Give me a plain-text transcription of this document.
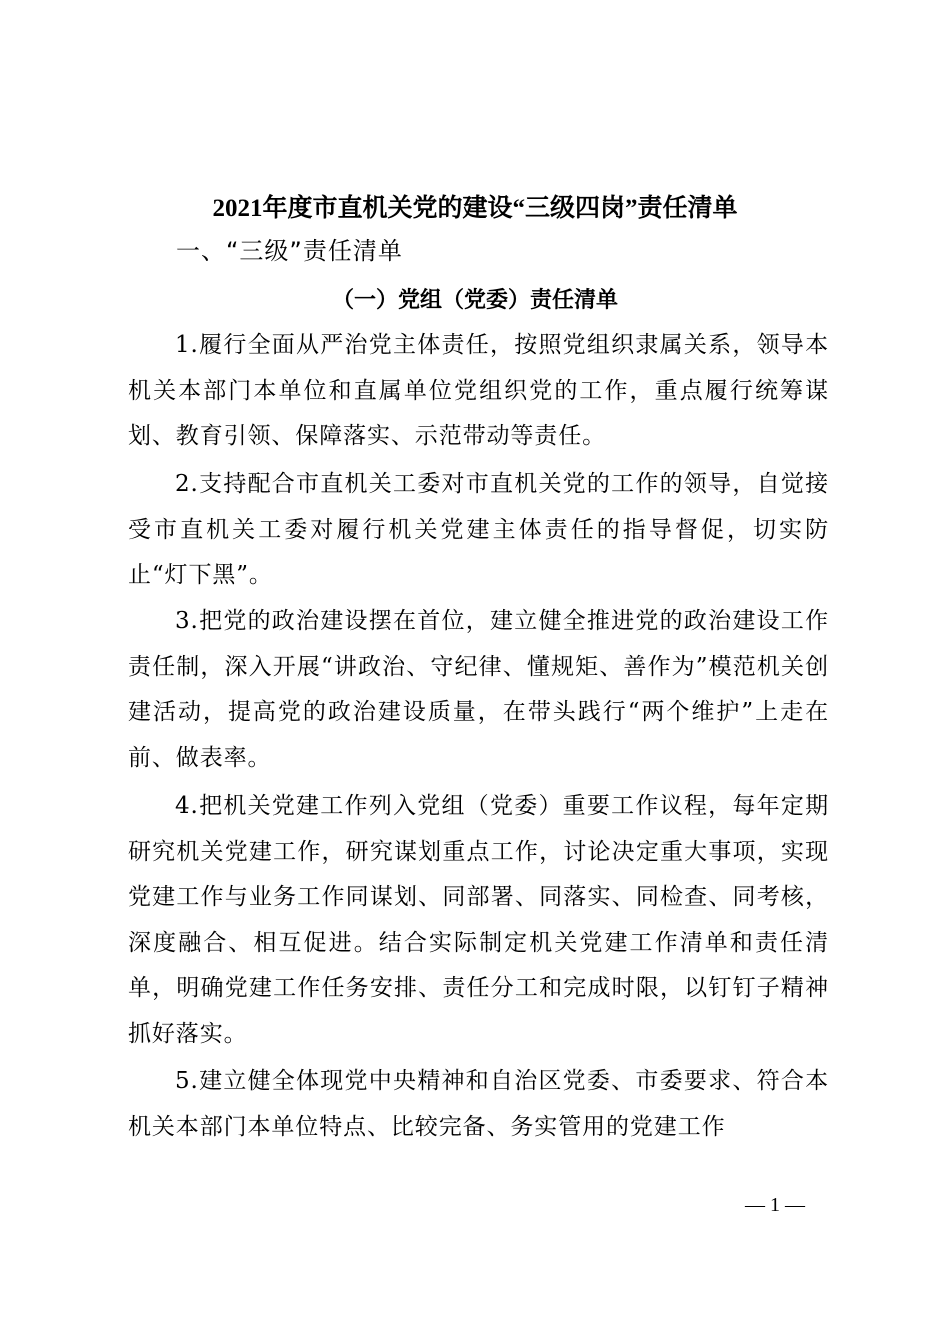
2021年度市直机关党的建设“三级四岗”责任清单
一、“三级”责任清单
（一）党组（党委）责任清单

1.履行全面从严治党主体责任，按照党组织隶属关系，领导本机关本部门本单位和直属单位党组织党的工作，重点履行统筹谋划、教育引领、保障落实、示范带动等责任。

2.支持配合市直机关工委对市直机关党的工作的领导，自觉接受市直机关工委对履行机关党建主体责任的指导督促，切实防止“灯下黑”。

3.把党的政治建设摆在首位，建立健全推进党的政治建设工作责任制，深入开展“讲政治、守纪律、懂规矩、善作为”模范机关创建活动，提高党的政治建设质量，在带头践行“两个维护”上走在前、做表率。

4.把机关党建工作列入党组（党委）重要工作议程，每年定期研究机关党建工作，研究谋划重点工作，讨论决定重大事项，实现党建工作与业务工作同谋划、同部署、同落实、同检查、同考核，深度融合、相互促进。结合实际制定机关党建工作清单和责任清单，明确党建工作任务安排、责任分工和完成时限，以钉钉子精神抓好落实。

5.建立健全体现党中央精神和自治区党委、市委要求、符合本机关本部门本单位特点、比较完备、务实管用的党建工作

— 1 —
